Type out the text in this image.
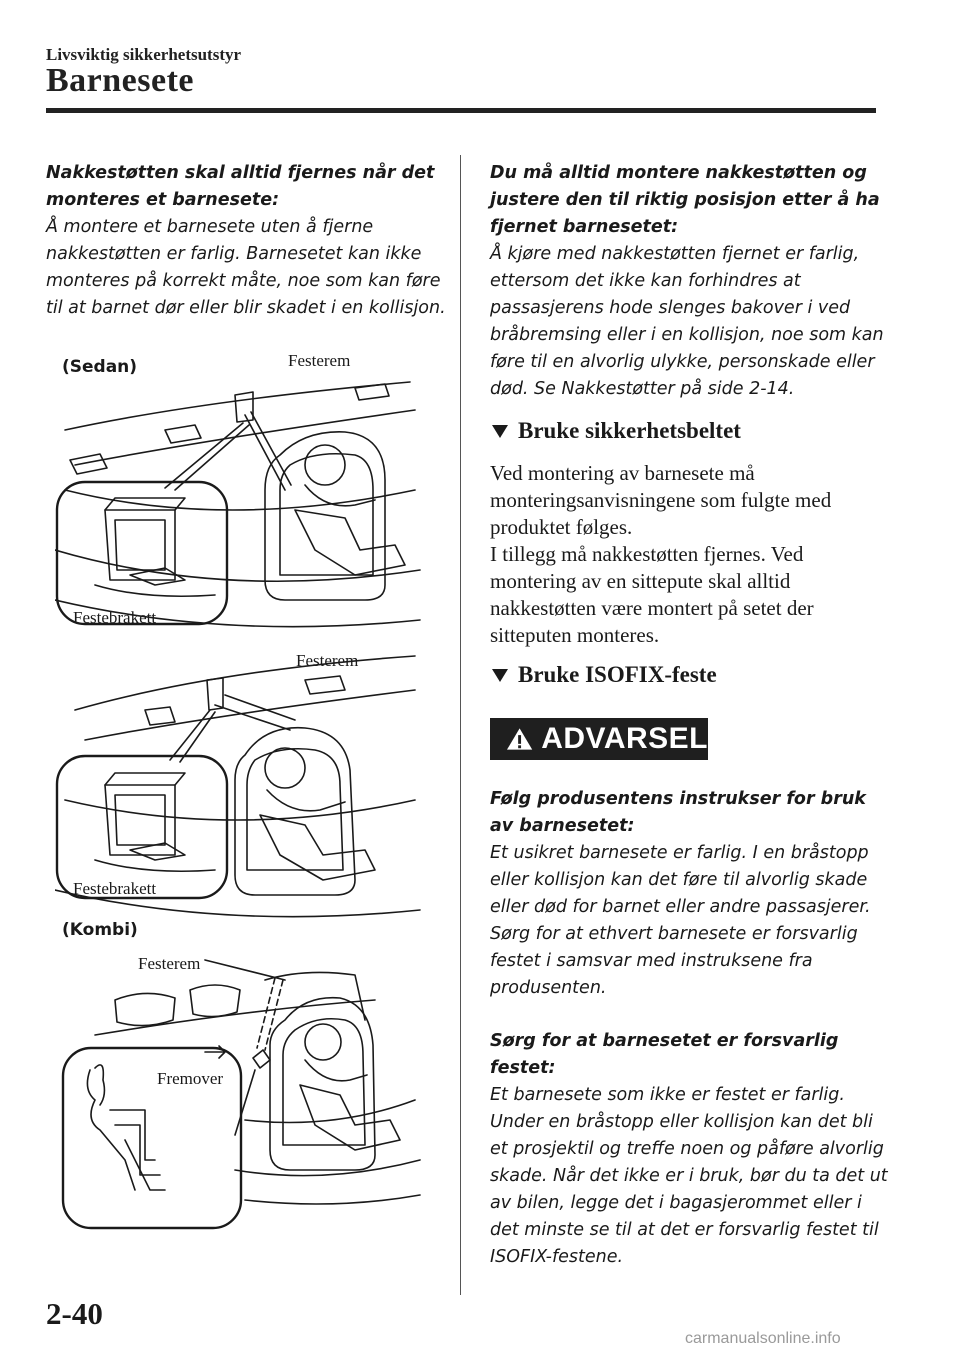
Livsviktig sikkerhetsutstyr
Barnesete
Nakkestøtten skal alltid fjernes når det monteres et barnesete:
Å montere et barnesete uten å fjerne nakkestøtten er farlig. Barnesetet kan ikke monteres på korrekt måte, noe som kan føre til at barnet dør eller blir skadet i en kollisjon.
(Sedan)	Festerem
Festebrakett
Festerem
Festebrakett
(Kombi)
Festerem
Fremover
Du må alltid montere nakkestøtten og justere den til riktig posisjon etter å ha fjernet barnesetet:
Å kjøre med nakkestøtten fjernet er farlig, ettersom det ikke kan forhindres at passasjerens hode slenges bakover i ved bråbremsing eller i en kollisjon, noe som kan føre til en alvorlig ulykke, personskade eller død. Se Nakkestøtter på side 2-14.
Bruke sikkerhetsbeltet
Ved montering av barnesete må monteringsanvisningene som fulgte med produktet følges.
I tillegg må nakkestøtten fjernes. Ved montering av en sittepute skal alltid nakkestøtten være montert på setet der sitteputen monteres.
Bruke ISOFIX-feste
ADVARSEL
Følg produsentens instrukser for bruk av barnesetet:
Et usikret barnesete er farlig. I en bråstopp eller kollisjon kan det føre til alvorlig skade eller død for barnet eller andre passasjerer. Sørg for at ethvert barnesete er forsvarlig festet i samsvar med instruksene fra produsenten.
Sørg for at barnesetet er forsvarlig festet:
Et barnesete som ikke er festet er farlig. Under en bråstopp eller kollisjon kan det bli et prosjektil og treffe noen og påføre alvorlig skade. Når det ikke er i bruk, bør du ta det ut av bilen, legge det i bagasjerommet eller i det minste se til at det er forsvarlig festet til ISOFIX-festene.
2-40
carmanualsonline.info
